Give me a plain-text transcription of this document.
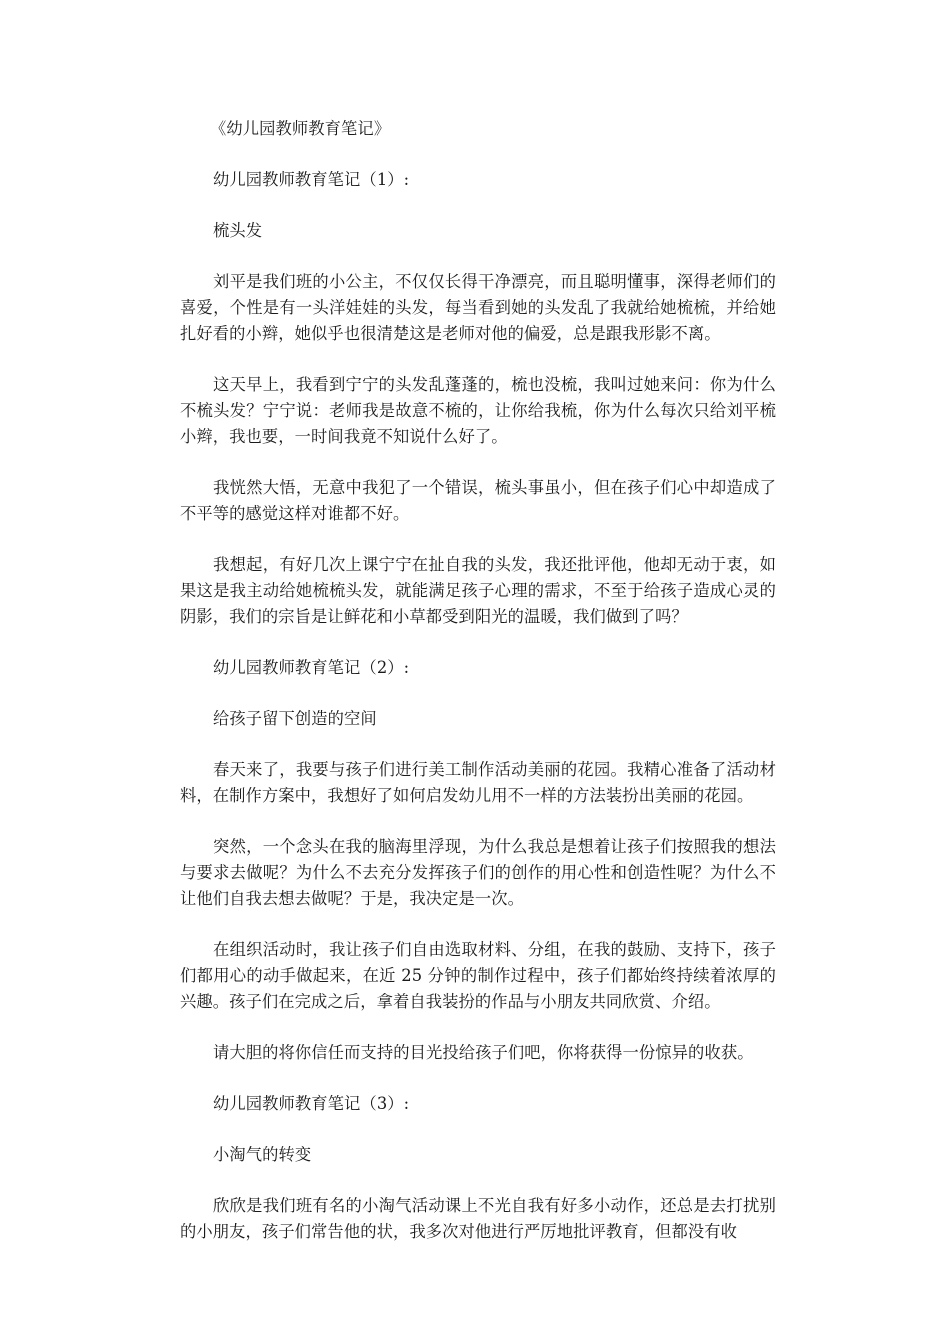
《幼儿园教师教育笔记》

幼儿园教师教育笔记（1）:

梳头发

刘平是我们班的小公主，不仅仅长得干净漂亮，而且聪明懂事，深得老师们的喜爱，个性是有一头洋娃娃的头发，每当看到她的头发乱了我就给她梳梳，并给她扎好看的小辫，她似乎也很清楚这是老师对他的偏爱，总是跟我形影不离。

这天早上，我看到宁宁的头发乱蓬蓬的，梳也没梳，我叫过她来问：你为什么不梳头发？宁宁说：老师我是故意不梳的，让你给我梳，你为什么每次只给刘平梳小辫，我也要，一时间我竟不知说什么好了。

我恍然大悟，无意中我犯了一个错误，梳头事虽小，但在孩子们心中却造成了不平等的感觉这样对谁都不好。

我想起，有好几次上课宁宁在扯自我的头发，我还批评他，他却无动于衷，如果这是我主动给她梳梳头发，就能满足孩子心理的需求，不至于给孩子造成心灵的阴影，我们的宗旨是让鲜花和小草都受到阳光的温暖，我们做到了吗？

幼儿园教师教育笔记（2）:

给孩子留下创造的空间

春天来了，我要与孩子们进行美工制作活动美丽的花园。我精心准备了活动材料，在制作方案中，我想好了如何启发幼儿用不一样的方法装扮出美丽的花园。

突然，一个念头在我的脑海里浮现，为什么我总是想着让孩子们按照我的想法与要求去做呢？为什么不去充分发挥孩子们的创作的用心性和创造性呢？为什么不让他们自我去想去做呢？于是，我决定是一次。

在组织活动时，我让孩子们自由选取材料、分组，在我的鼓励、支持下，孩子们都用心的动手做起来，在近 25 分钟的制作过程中，孩子们都始终持续着浓厚的兴趣。孩子们在完成之后，拿着自我装扮的作品与小朋友共同欣赏、介绍。

请大胆的将你信任而支持的目光投给孩子们吧，你将获得一份惊异的收获。

幼儿园教师教育笔记（3）:

小淘气的转变

欣欣是我们班有名的小淘气活动课上不光自我有好多小动作，还总是去打扰别的小朋友，孩子们常告他的状，我多次对他进行严厉地批评教育，但都没有收
